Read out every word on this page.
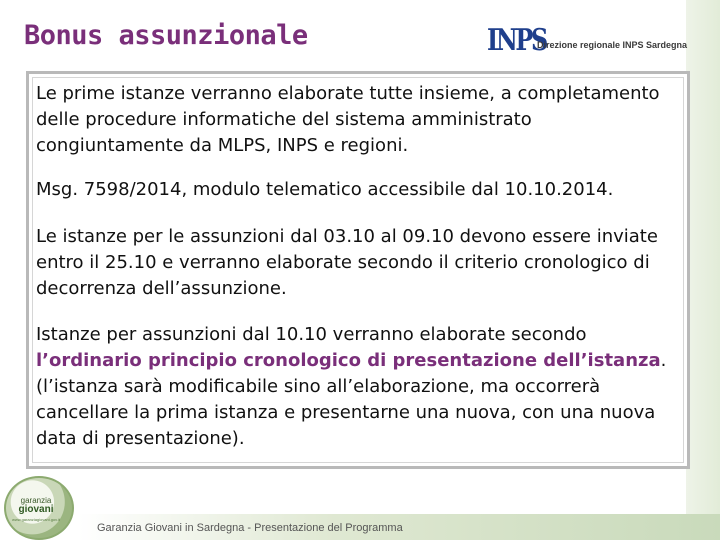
Bonus assunzionale	INPS
Direzione regionale INPS Sardegna

Le prime istanze verranno elaborate tutte insieme, a completamento delle procedure informatiche del sistema amministrato congiuntamente da MLPS, INPS e regioni.

Msg. 7598/2014, modulo telematico accessibile dal 10.10.2014.

Le istanze per le assunzioni dal 03.10 al 09.10 devono essere inviate entro il 25.10 e verranno elaborate secondo il criterio cronologico di decorrenza dell’assunzione.

Istanze per assunzioni dal 10.10 verranno elaborate secondo l’ordinario principio cronologico di presentazione dell’istanza. (l’istanza sarà modificabile sino all’elaborazione, ma occorrerà cancellare la prima istanza e presentarne una nuova, con una nuova data di presentazione).

Garanzia Giovani in Sardegna - Presentazione del Programma
garanzia
giovani
www.garanziagiovani.gov.it
